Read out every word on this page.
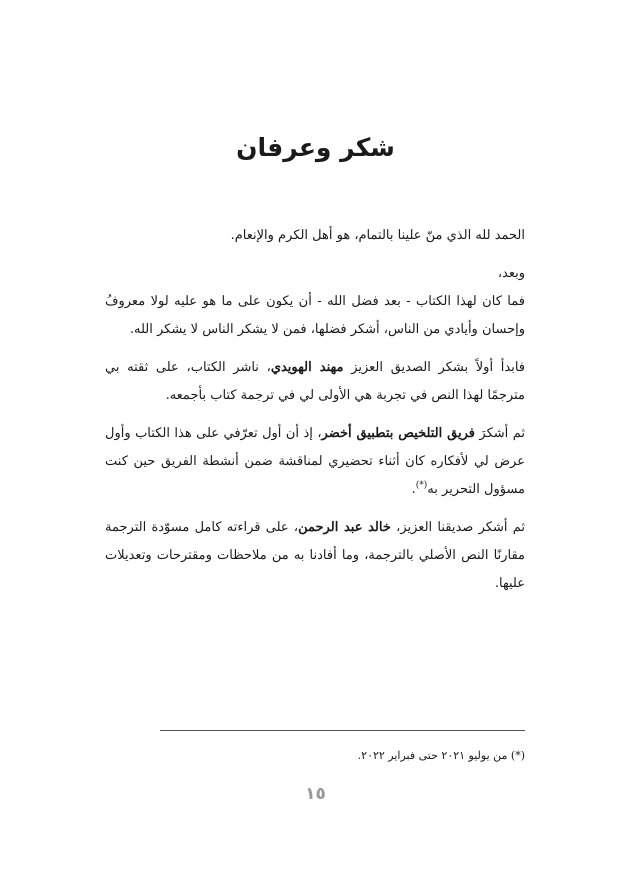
شكر وعرفان

الحمد لله الذي منّ علينا بالتمام، هو أهل الكرم والإنعام.

وبعد،

فما كان لهذا الكتاب - بعد فضل الله - أن يكون على ما هو عليه لولا معروفُ وإحسان وأيادي من الناس، أشكر فضلها، فمن لا يشكر الناس لا يشكر الله.

فابدأ أولاً بشكر الصديق العزيز مهند الهويدي، ناشر الكتاب، على ثقته بي مترجمًا لهذا النص في تجربة هي الأولى لي في ترجمة كتاب بأجمعه.

ثم أشكرَ فريق التلخيص بتطبيق أخضر، إذ أن أول تعرّفي على هذا الكتاب وأول عرض لي لأفكاره كان أثناء تحضيري لمناقشة ضمن أنشطة الفريق حين كنت مسؤول التحرير به(*).

ثم أشكر صديقنا العزيز، خالد عبد الرحمن، على قراءته كامل مسوّدة الترجمة مقارنًا النص الأصلي بالترجمة، وما أفادنا به من ملاحظات ومقترحات وتعديلات عليها.

(*) من يوليو ٢٠٢١ حتى فبراير ٢٠٢٢.
١٥
